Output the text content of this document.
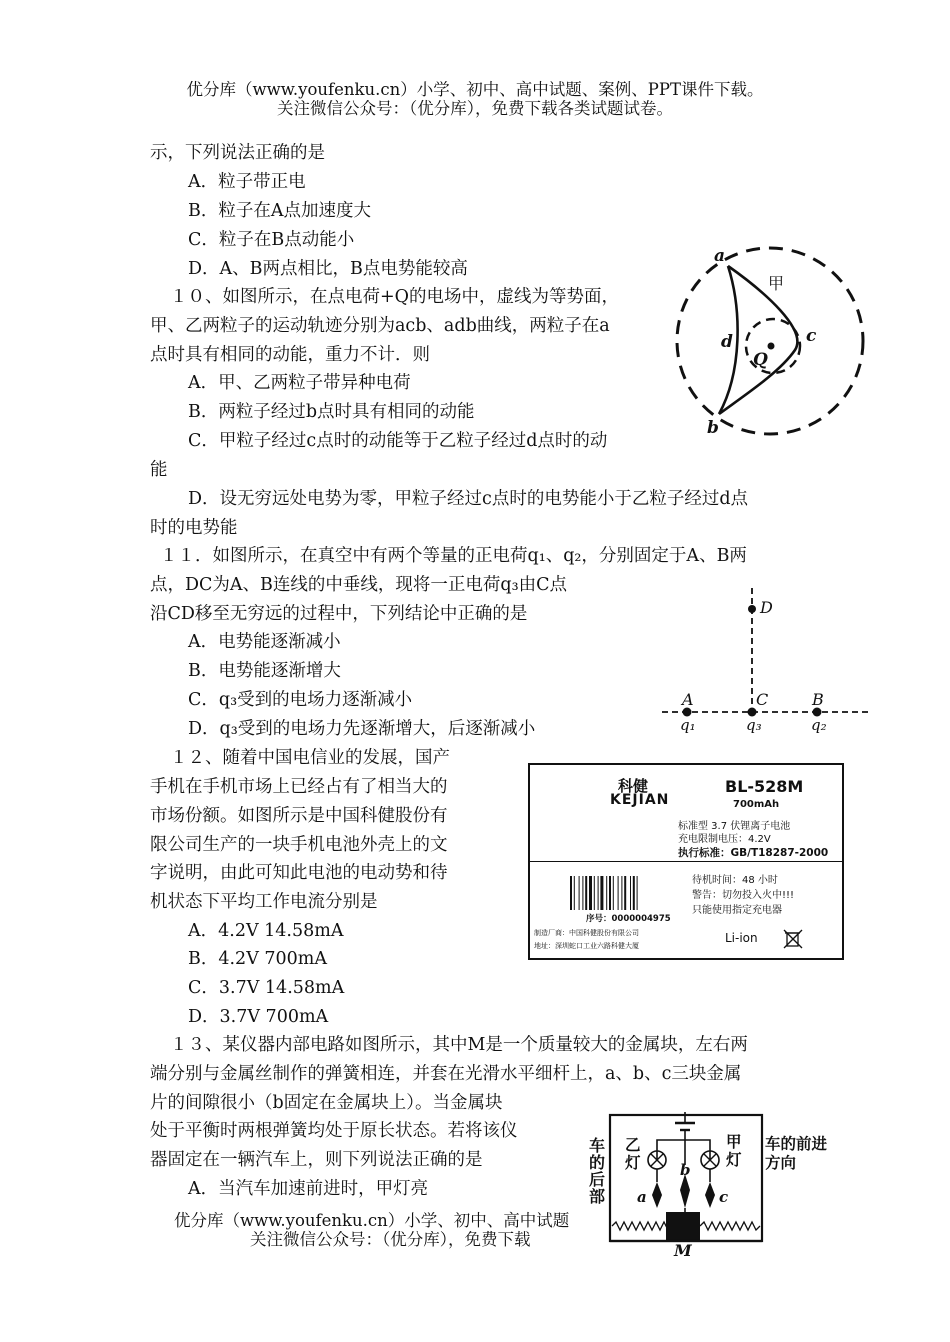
优分库（www.youfenku.cn）小学、初中、高中试题、案例、PPT课件下载。
关注微信公众号：（优分库），免费下载各类试题试卷。
示，下列说法正确的是
A．粒子带正电
B．粒子在A点加速度大
C．粒子在B点动能小
D．A、B两点相比，B点电势能较高
１０、如图所示，在点电荷+Q的电场中，虚线为等势面，
甲、乙两粒子的运动轨迹分别为acb、adb曲线，两粒子在a
点时具有相同的动能，重力不计．则
A．甲、乙两粒子带异种电荷
B．两粒子经过b点时具有相同的动能
C．甲粒子经过c点时的动能等于乙粒子经过d点时的动
能
D．设无穷远处电势为零，甲粒子经过c点时的电势能小于乙粒子经过d点
时的电势能
a
b
c
d
Q
甲
１１．如图所示，在真空中有两个等量的正电荷q₁、q₂，分别固定于A、B两
点，DC为A、B连线的中垂线，现将一正电荷q₃由C点
沿CD移至无穷远的过程中，下列结论中正确的是
A．电势能逐渐减小
B．电势能逐渐增大
C．q₃受到的电场力逐渐减小
D．q₃受到的电场力先逐渐增大，后逐渐减小
D
A	C	B
q₁	q₃	q₂
１２、随着中国电信业的发展，国产
手机在手机市场上已经占有了相当大的
市场份额。如图所示是中国科健股份有
限公司生产的一块手机电池外壳上的文
字说明，由此可知此电池的电动势和待
机状态下平均工作电流分别是
A．4.2V 14.58mA
B．4.2V 700mA
C．3.7V 14.58mA
D．3.7V 700mA
科健
KEJIAN
BL-528M
700mAh
标准型 3.7 伏锂离子电池
充电限制电压：4.2V
执行标准：GB/T18287-2000
序号：0000004975
待机时间：48 小时
警告：切勿投入火中!!!
只能使用指定充电器
制造厂商：中国科健股份有限公司
地址：深圳蛇口工业六路科健大厦
Li-ion
１３、某仪器内部电路如图所示，其中M是一个质量较大的金属块，左右两
端分别与金属丝制作的弹簧相连，并套在光滑水平细杆上，a、b、c三块金属
片的间隙很小（b固定在金属块上）。当金属块
处于平衡时两根弹簧均处于原长状态。若将该仪
器固定在一辆汽车上，则下列说法正确的是
A．当汽车加速前进时，甲灯亮
车的后部
车的前进方向
乙灯
甲灯
a
b
c
M
优分库（www.youfenku.cn）小学、初中、高中试题
关注微信公众号：（优分库），免费下载
